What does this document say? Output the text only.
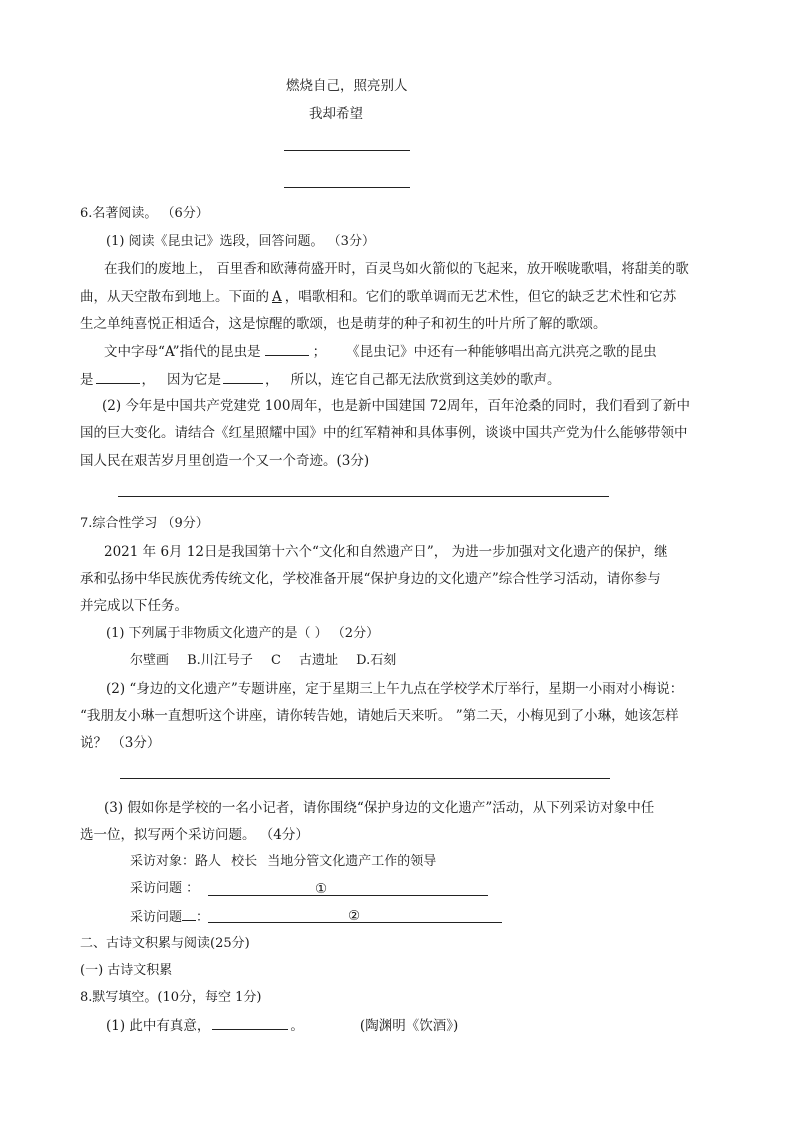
燃烧自己，照亮别人
我却希望
6.名著阅读。 （6分）
(1) 阅读《昆虫记》选段，回答问题。 （3分）
在我们的废地上， 百里香和欧薄荷盛开时，百灵鸟如火箭似的飞起来，放开喉咙歌唱，将甜美的歌
曲，从天空散布到地上。下面的 A ，唱歌相和。它们的歌单调而无艺术性，但它的缺乏艺术性和它苏
生之单纯喜悦正相适合，这是惊醒的歌颂，也是萌芽的种子和初生的叶片所了解的歌颂。
文中字母“A”指代的昆虫是	； 《昆虫记》中还有一种能够唱出高亢洪亮之歌的昆虫
是	， 因为它是	， 所以，连它自己都无法欣赏到这美妙的歌声。
(2) 今年是中国共产党建党 100周年，也是新中国建国 72周年，百年沧桑的同时，我们看到了新中
国的巨大变化。请结合《红星照耀中国》中的红军精神和具体事例，谈谈中国共产党为什么能够带领中
国人民在艰苦岁月里创造一个又一个奇迹。(3分)
7.综合性学习 （9分）
2021 年 6月 12日是我国第十六个“文化和自然遗产日”， 为进一步加强对文化遗产的保护，继
承和弘扬中华民族优秀传统文化，学校准备开展“保护身边的文化遗产”综合性学习活动，请你参与
并完成以下任务。
(1) 下列属于非物质文化遗产的是（ ） （2分）
尔壁画 B.川江号子 C 古遗址 D.石刻
(2) “身边的文化遗产”专题讲座，定于星期三上午九点在学校学术厅举行，星期一小雨对小梅说：
“我朋友小琳一直想听这个讲座，请你转告她，请她后天来听。 ”第二天，小梅见到了小琳，她该怎样
说？ （3分）
(3) 假如你是学校的一名小记者，请你围绕“保护身边的文化遗产”活动，从下列采访对象中任
选一位，拟写两个采访问题。 （4分）
采访对象：路人 校长 当地分管文化遗产工作的领导
采访问题 ：	①
采访问题 ：	②
二、古诗文积累与阅读(25分)
(一) 古诗文积累
8.默写填空。(10分，每空 1分)
(1) 此中有真意，	。	(陶渊明《饮酒》)
